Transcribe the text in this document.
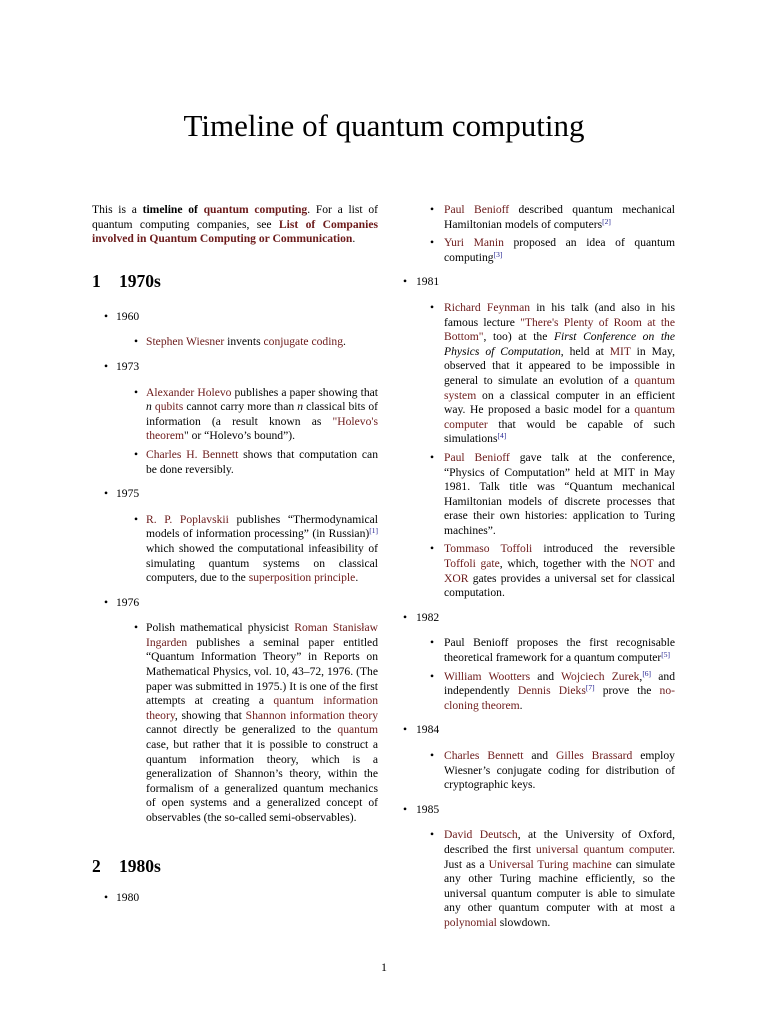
Timeline of quantum computing

This is a timeline of quantum computing. For a list of quantum computing companies, see List of Companies involved in Quantum Computing or Communication.

1 1970s
• 1960
• Stephen Wiesner invents conjugate coding.
• 1973
• Alexander Holevo publishes a paper showing that n qubits cannot carry more than n classical bits of information (a result known as "Holevo's theorem" or “Holevo’s bound”).
• Charles H. Bennett shows that computation can be done reversibly.
• 1975
• R. P. Poplavskii publishes “Thermodynamical models of information processing” (in Russian)[1] which showed the computational infeasibility of simulating quantum systems on classical computers, due to the superposition principle.
• 1976
• Polish mathematical physicist Roman Stanisław Ingarden publishes a seminal paper entitled “Quantum Information Theory” in Reports on Mathematical Physics, vol. 10, 43–72, 1976. (The paper was submitted in 1975.) It is one of the first attempts at creating a quantum information theory, showing that Shannon information theory cannot directly be generalized to the quantum case, but rather that it is possible to construct a quantum information theory, which is a generalization of Shannon’s theory, within the formalism of a generalized quantum mechanics of open systems and a generalized concept of observables (the so-called semi-observables).
2 1980s
• 1980
• Paul Benioff described quantum mechanical Hamiltonian models of computers[2]
• Yuri Manin proposed an idea of quantum computing[3]
• 1981
• Richard Feynman in his talk (and also in his famous lecture "There's Plenty of Room at the Bottom", too) at the First Conference on the Physics of Computation, held at MIT in May, observed that it appeared to be impossible in general to simulate an evolution of a quantum system on a classical computer in an efficient way. He proposed a basic model for a quantum computer that would be capable of such simulations[4]
• Paul Benioff gave talk at the conference, “Physics of Computation” held at MIT in May 1981. Talk title was “Quantum mechanical Hamiltonian models of discrete processes that erase their own histories: application to Turing machines”.
• Tommaso Toffoli introduced the reversible Toffoli gate, which, together with the NOT and XOR gates provides a universal set for classical computation.
• 1982
• Paul Benioff proposes the first recognisable theoretical framework for a quantum computer[5]
• William Wootters and Wojciech Zurek,[6] and independently Dennis Dieks[7] prove the no-cloning theorem.
• 1984
• Charles Bennett and Gilles Brassard employ Wiesner’s conjugate coding for distribution of cryptographic keys.
• 1985
• David Deutsch, at the University of Oxford, described the first universal quantum computer. Just as a Universal Turing machine can simulate any other Turing machine efficiently, so the universal quantum computer is able to simulate any other quantum computer with at most a polynomial slowdown.
1
